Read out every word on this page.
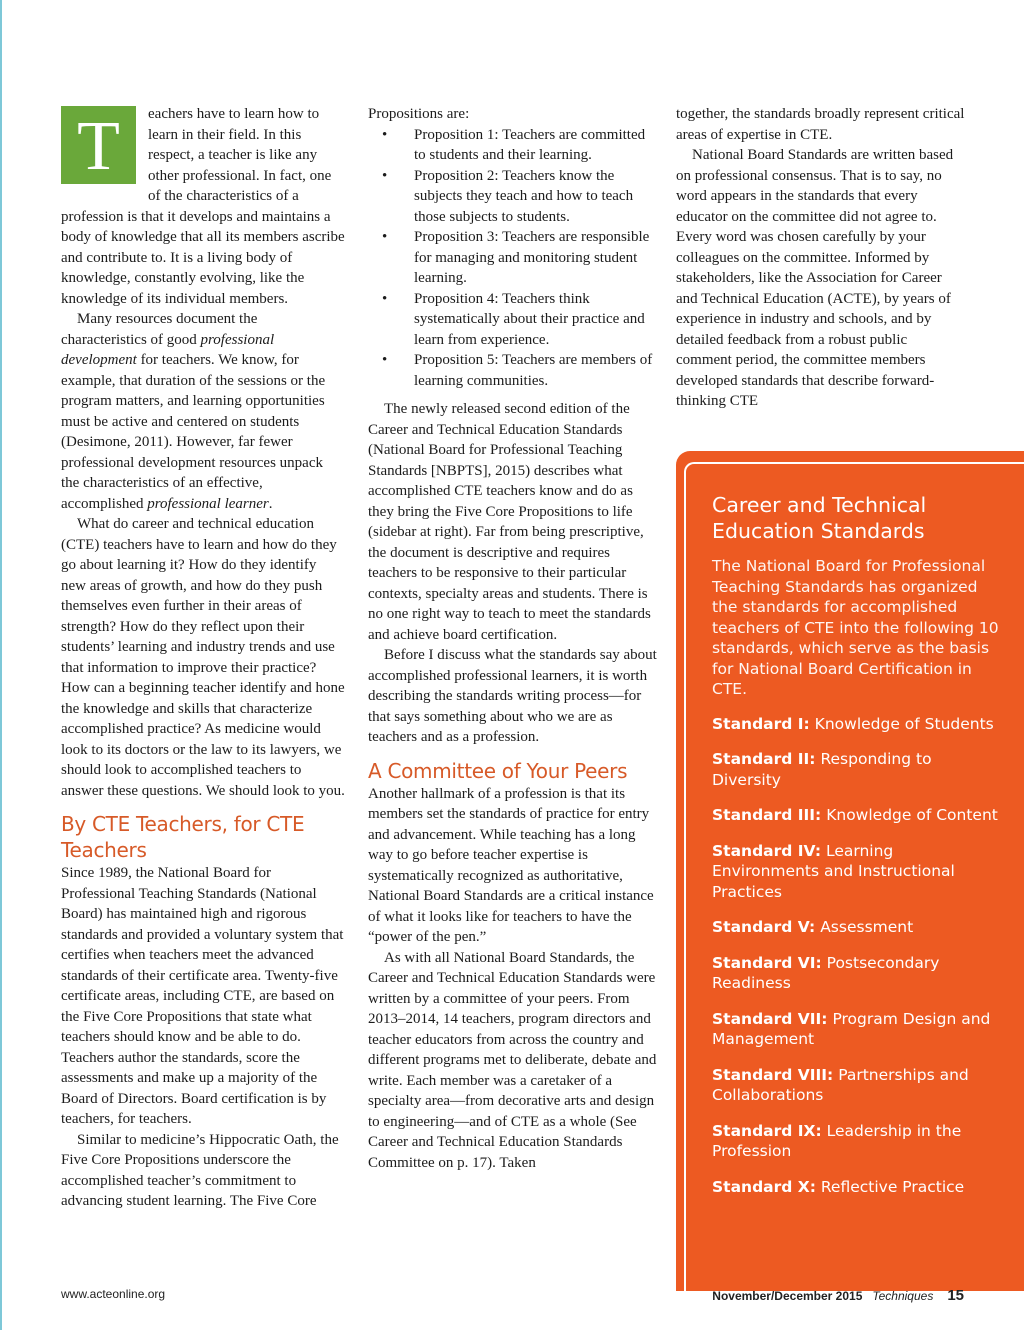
T	eachers have to learn how to learn in their field. In this respect, a teacher is like any other professional. In fact, one of the characteristics of a profession is that it develops and maintains a body of knowledge that all its members ascribe and contribute to. It is a living body of knowledge, constantly evolving, like the knowledge of its individual members.

Many resources document the characteristics of good professional development for teachers. We know, for example, that duration of the sessions or the program matters, and learning opportunities must be active and centered on students (Desimone, 2011). However, far fewer professional development resources unpack the characteristics of an effective, accomplished professional learner.

What do career and technical education (CTE) teachers have to learn and how do they go about learning it? How do they identify new areas of growth, and how do they push themselves even further in their areas of strength? How do they reflect upon their students’ learning and industry trends and use that information to improve their practice? How can a beginning teacher identify and hone the knowledge and skills that characterize accomplished practice? As medicine would look to its doctors or the law to its lawyers, we should look to accomplished teachers to answer these questions. We should look to you.

By CTE Teachers, for CTE Teachers

Since 1989, the National Board for Professional Teaching Standards (National Board) has maintained high and rigorous standards and provided a voluntary system that certifies when teachers meet the advanced standards of their certificate area. Twenty-five certificate areas, including CTE, are based on the Five Core Propositions that state what teachers should know and be able to do. Teachers author the standards, score the assessments and make up a majority of the Board of Directors. Board certification is by teachers, for teachers.

Similar to medicine’s Hippocratic Oath, the Five Core Propositions underscore the accomplished teacher’s commitment to advancing student learning. The Five Core

Propositions are:

• Proposition 1: Teachers are committed to students and their learning.
• Proposition 2: Teachers know the subjects they teach and how to teach those subjects to students.
• Proposition 3: Teachers are responsible for managing and monitoring student learning.
• Proposition 4: Teachers think systematically about their practice and learn from experience.
• Proposition 5: Teachers are members of learning communities.

The newly released second edition of the Career and Technical Education Standards (National Board for Professional Teaching Standards [NBPTS], 2015) describes what accomplished CTE teachers know and do as they bring the Five Core Propositions to life (sidebar at right). Far from being prescriptive, the document is descriptive and requires teachers to be responsive to their particular contexts, specialty areas and students. There is no one right way to teach to meet the standards and achieve board certification.

Before I discuss what the standards say about accomplished professional learners, it is worth describing the standards writing process—for that says something about who we are as teachers and as a profession.

A Committee of Your Peers

Another hallmark of a profession is that its members set the standards of practice for entry and advancement. While teaching has a long way to go before teacher expertise is systematically recognized as authoritative, National Board Standards are a critical instance of what it looks like for teachers to have the “power of the pen.”

As with all National Board Standards, the Career and Technical Education Standards were written by a committee of your peers. From 2013–2014, 14 teachers, program directors and teacher educators from across the country and different programs met to deliberate, debate and write. Each member was a caretaker of a specialty area—from decorative arts and design to engineering—and of CTE as a whole (See Career and Technical Education Standards Committee on p. 17). Taken

together, the standards broadly represent critical areas of expertise in CTE.

National Board Standards are written based on professional consensus. That is to say, no word appears in the standards that every educator on the committee did not agree to. Every word was chosen carefully by your colleagues on the committee. Informed by stakeholders, like the Association for Career and Technical Education (ACTE), by years of experience in industry and schools, and by detailed feedback from a robust public comment period, the committee members developed standards that describe forward-thinking CTE

Career and Technical Education Standards

The National Board for Professional Teaching Standards has organized the standards for accomplished teachers of CTE into the following 10 standards, which serve as the basis for National Board Certification in CTE.

Standard I: Knowledge of Students

Standard II: Responding to Diversity

Standard III: Knowledge of Content

Standard IV: Learning Environments and Instructional Practices

Standard V: Assessment

Standard VI: Postsecondary Readiness

Standard VII: Program Design and Management

Standard VIII: Partnerships and Collaborations

Standard IX: Leadership in the Profession

Standard X: Reflective Practice

www.acteonline.org	November/December 2015 Techniques 15
